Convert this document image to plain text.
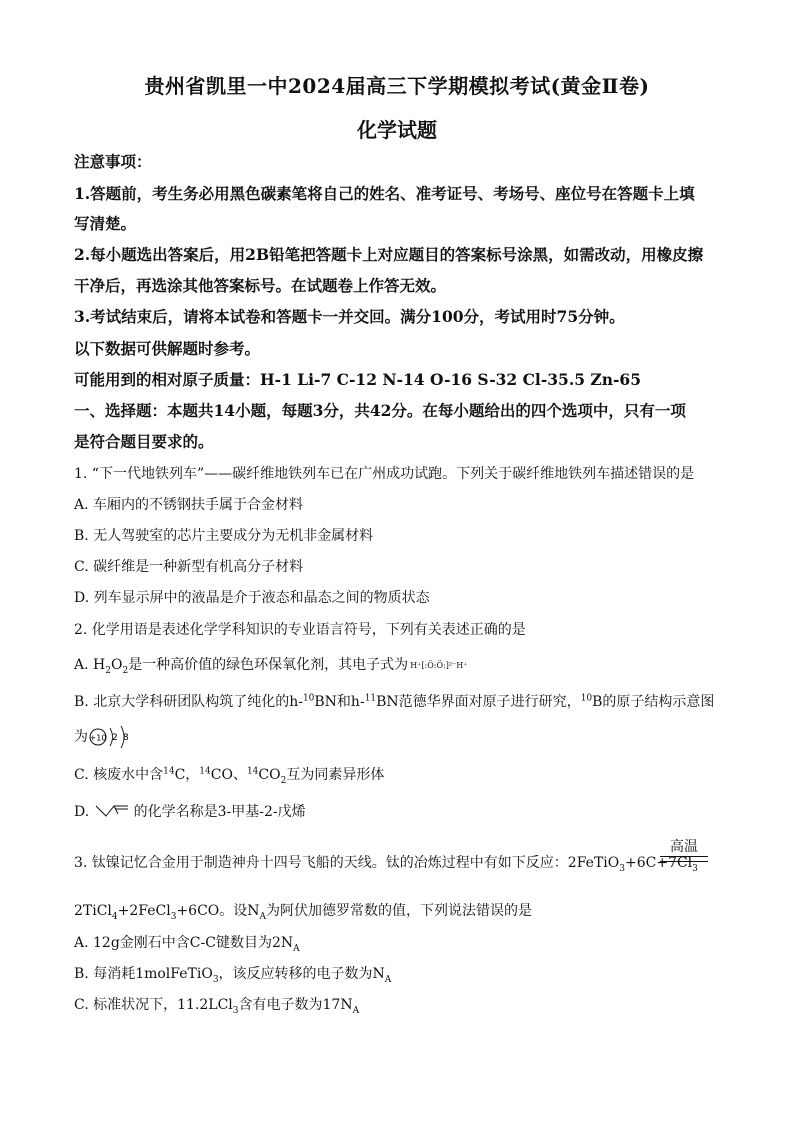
贵州省凯里一中2024届高三下学期模拟考试(黄金Ⅱ卷)
化学试题
注意事项：
1.答题前，考生务必用黑色碳素笔将自己的姓名、准考证号、考场号、座位号在答题卡上填
写清楚。
2.每小题选出答案后，用2B铅笔把答题卡上对应题目的答案标号涂黑，如需改动，用橡皮擦
干净后，再选涂其他答案标号。在试题卷上作答无效。
3.考试结束后，请将本试卷和答题卡一并交回。满分100分，考试用时75分钟。
以下数据可供解题时参考。
可能用到的相对原子质量：H-1 Li-7 C-12 N-14 O-16 S-32 Cl-35.5 Zn-65
一、选择题：本题共14小题，每题3分，共42分。在每小题给出的四个选项中，只有一项
是符合题目要求的。
1. “下一代地铁列车”——碳纤维地铁列车已在广州成功试跑。下列关于碳纤维地铁列车描述错误的是
A. 车厢内的不锈钢扶手属于合金材料
B. 无人驾驶室的芯片主要成分为无机非金属材料
C. 碳纤维是一种新型有机高分子材料
D. 列车显示屏中的液晶是介于液态和晶态之间的物质状态
2. 化学用语是表述化学学科知识的专业语言符号，下列有关表述正确的是
A. $H_2O_2$是一种高价值的绿色环保氧化剂，其电子式为 H⁺[:Ö:Ö:]²⁻H⁺
B. 北京大学科研团队构筑了纯化的h-$^{10}$BN和h-$^{11}$BN范德华界面对原子进行研究，$^{10}$B的原子结构示意图
为 +10 2 8
C. 核废水中含$^{14}$C，$^{14}$CO、$^{14}CO_2$互为同素异形体
D.	的化学名称是3-甲基-2-戊烯
3. 钛镍记忆合金用于制造神舟十四号飞船的天线。钛的冶炼过程中有如下反应：$2FeTiO_3+6C+7Cl_3$
高温
2TiCl$_4$+2FeCl$_3$+6CO。设$N_A$为阿伏加德罗常数的值，下列说法错误的是
A. 12g金刚石中含C-C键数目为$2N_A$
B. 每消耗1molFeTiO$_3$，该反应转移的电子数为$N_A$
C. 标准状况下，11.2LCl$_3$含有电子数为$17N_A$
